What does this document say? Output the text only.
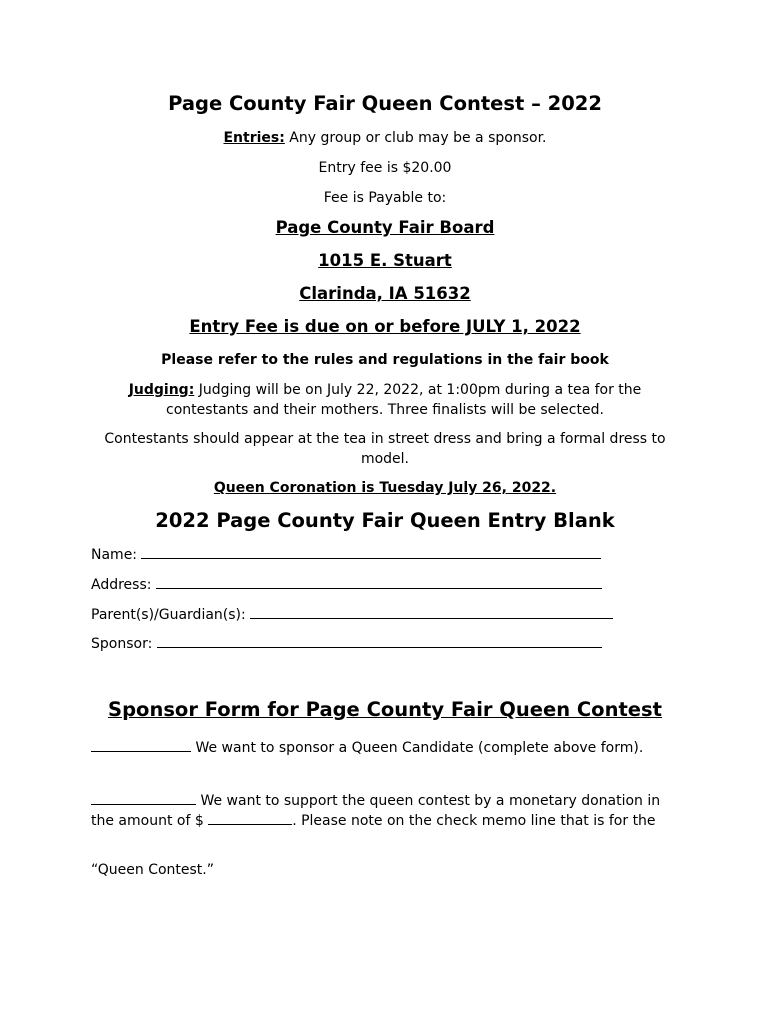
Page County Fair Queen Contest – 2022
Entries: Any group or club may be a sponsor.
Entry fee is $20.00
Fee is Payable to:
Page County Fair Board
1015 E. Stuart
Clarinda, IA 51632
Entry Fee is due on or before JULY 1, 2022
Please refer to the rules and regulations in the fair book
Judging: Judging will be on July 22, 2022, at 1:00pm during a tea for the contestants and their mothers. Three finalists will be selected.
Contestants should appear at the tea in street dress and bring a formal dress to model.
Queen Coronation is Tuesday July 26, 2022.
2022 Page County Fair Queen Entry Blank
Name:
Address:
Parent(s)/Guardian(s):
Sponsor:
Sponsor Form for Page County Fair Queen Contest
We want to sponsor a Queen Candidate (complete above form).
We want to support the queen contest by a monetary donation in the amount of $	. Please note on the check memo line that is for the
“Queen Contest.”
